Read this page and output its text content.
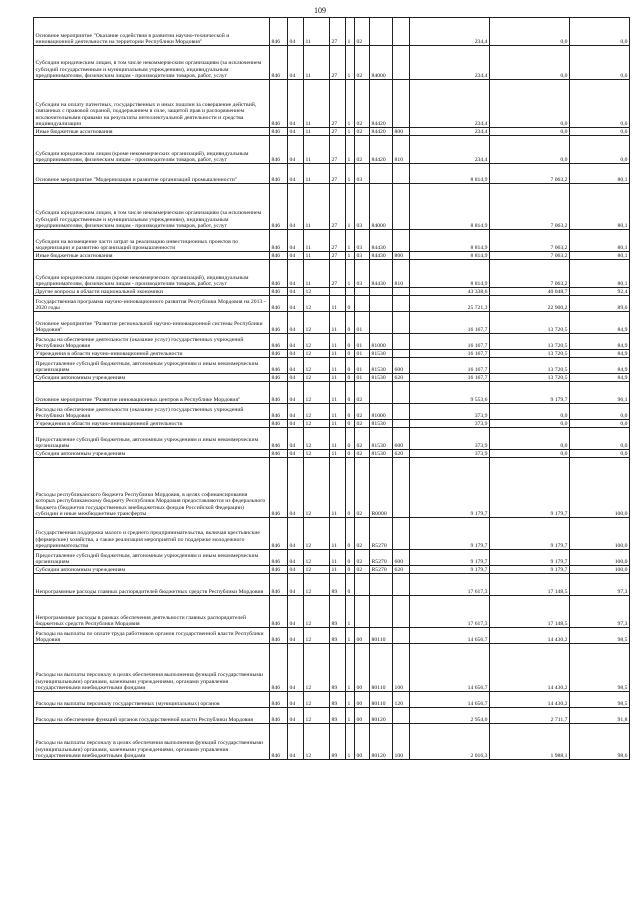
109
Основное мероприятие "Оказание содействия в развитии научно-технической и инновационной деятельности на территории Республики Мордовия"	846	04	11	27	1	02			234,4	0,0	0,0
Субсидии юридическим лицам, в том числе некоммерческим организациям (за исключением субсидий государственным и муниципальным учреждениям), индивидуальным предпринимателям, физическим лицам - производителям товаров, работ, услуг	846	04	11	27	1	02	84000		234,4	0,0	0,0
Субсидии на оплату патентных, государственных и иных пошлин за совершение действий, связанных с правовой охраной, поддержанием в силе, защитой прав и распоряжением исключительными правами на результаты интеллектуальной деятельности и средства индивидуализации	846	04	11	27	1	02	84420		234,4	0,0	0,0
Иные бюджетные ассигнования	846	04	11	27	1	02	84420	800	234,4	0,0	0,0
Субсидии юридическим лицам (кроме некоммерческих организаций), индивидуальным предпринимателям, физическим лицам - производителям товаров, работ, услуг	846	04	11	27	1	02	84420	810	234,4	0,0	0,0
Основное мероприятие "Модернизация и развитие организаций промышленности"	846	04	11	27	1	03			8 814,9	7 063,2	80,1
Субсидии юридическим лицам, в том числе некоммерческим организациям (за исключением субсидий государственным и муниципальным учреждениям), индивидуальным предпринимателям, физическим лицам - производителям товаров, работ, услуг	846	04	11	27	1	03	84000		8 814,9	7 063,2	80,1
Субсидии на возмещение части затрат за реализацию инвестиционных проектов по модернизации и развитию организаций промышленности	846	04	11	27	1	03	84430		8 814,9	7 063,2	80,1
Иные бюджетные ассигнования	846	04	11	27	1	03	84430	800	8 814,9	7 063,2	80,1
Субсидии юридическим лицам (кроме некоммерческих организаций), индивидуальным предпринимателям, физическим лицам - производителям товаров, работ, услуг	846	04	11	27	1	03	84430	810	8 814,9	7 063,2	80,1
Другие вопросы в области национальной экономики	846	04	12						43 338,6	40 048,7	92,4
Государственная программа научно-инновационного развития Республики Мордовия на 2013 - 2020 годы	846	04	12	11	0				25 721,3	22 900,2	89,0
Основное мероприятие "Развитие региональной научно-инновационной системы Республики Мордовия"	846	04	12	11	0	01			16 167,7	13 720,5	84,9
Расходы на обеспечение деятельности (оказание услуг) государственных учреждений Республики Мордовия	846	04	12	11	0	01	81000		16 167,7	13 720,5	84,9
Учреждения в области научно-инновационной деятельности	846	04	12	11	0	01	81530		16 167,7	13 720,5	84,9
Предоставление субсидий бюджетным, автономным учреждениям и иным некоммерческим организациям	846	04	12	11	0	01	81530	600	16 167,7	13 720,5	84,9
Субсидии автономным учреждениям	846	04	12	11	0	01	81530	620	16 167,7	13 720,5	84,9
Основное мероприятие "Развитие инновационных центров в Республике Мордовия"	846	04	12	11	0	02			9 553,6	9 179,7	96,1
Расходы на обеспечение деятельности (оказание услуг) государственных учреждений Республики Мордовия	846	04	12	11	0	02	81000		373,9	0,0	0,0
Учреждения в области научно-инновационной деятельности	846	04	12	11	0	02	81530		373,9	0,0	0,0
Предоставление субсидий бюджетным, автономным учреждениям и иным некоммерческим организациям	846	04	12	11	0	02	81530	600	373,9	0,0	0,0
Субсидии автономным учреждениям	846	04	12	11	0	02	81530	620	373,9	0,0	0,0
Расходы республиканского бюджета Республики Мордовия, в целях софинансирования которых республиканскому бюджету Республики Мордовия предоставляются из федерального бюджета (бюджетов государственных внебюджетных фондов Российской Федерации) субсидии и иные межбюджетные трансферты	846	04	12	11	0	02	R0000		9 179,7	9 179,7	100,0
Государственная поддержка малого и среднего предпринимательства, включая крестьянские (фермерские) хозяйства, а также реализация мероприятий по поддержке молодежного предпринимательства	846	04	12	11	0	02	R5270		9 179,7	9 179,7	100,0
Предоставление субсидий бюджетным, автономным учреждениям и иным некоммерческим организациям	846	04	12	11	0	02	R5270	600	9 179,7	9 179,7	100,0
Субсидии автономным учреждениям	846	04	12	11	0	02	R5270	620	9 179,7	9 179,7	100,0
Непрограммные расходы главных распорядителей бюджетных средств Республики Мордовия	846	04	12	89	0				17 617,3	17 148,5	97,3
Непрограммные расходы в рамках обеспечения деятельности главных распорядителей бюджетных средств Республики Мордовия	846	04	12	89	1				17 617,3	17 148,5	97,3
Расходы на выплаты по оплате труда работников органов государственной власти Республики Мордовия	846	04	12	89	1	00	80110		14 656,7	14 430,2	98,5
Расходы на выплаты персоналу в целях обеспечения выполнения функций государственными (муниципальными) органами, казенными учреждениями, органами управления государственными внебюджетными фондами	846	04	12	89	1	00	80110	100	14 656,7	14 430,2	98,5
Расходы на выплаты персоналу государственных (муниципальных) органов	846	04	12	89	1	00	80110	120	14 656,7	14 430,2	98,5
Расходы на обеспечение функций органов государственной власти Республики Мордовия	846	04	12	89	1	00	80120		2 954,0	2 711,7	91,8
Расходы на выплаты персоналу в целях обеспечения выполнения функций государственными (муниципальными) органами, казенными учреждениями, органами управления государственными внебюджетными фондами	846	04	12	89	1	00	80120	100	2 016,3	1 988,1	98,6
